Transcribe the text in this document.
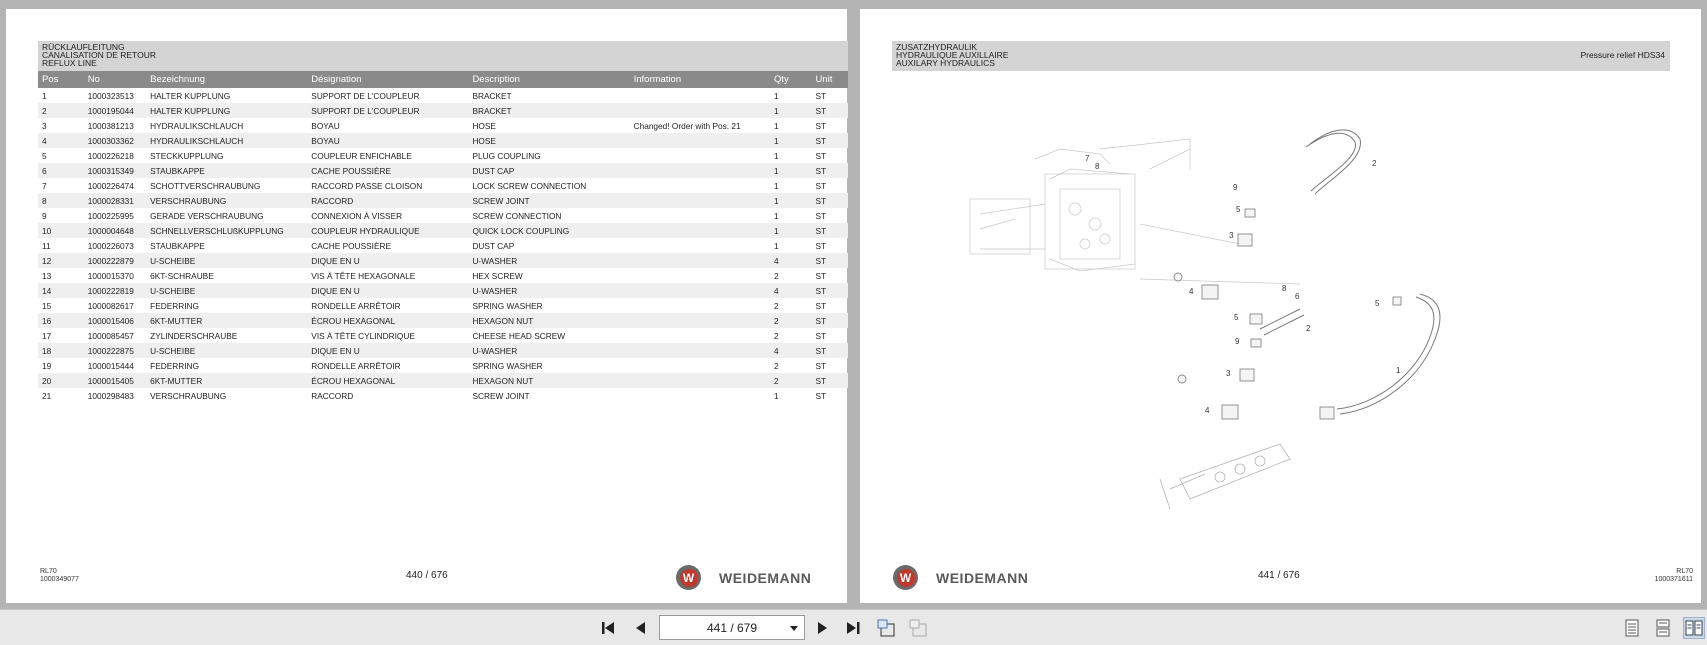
RÜCKLAUFLEITUNG
CANALISATION DE RETOUR
REFLUX LINE
Pos	No	Bezeichnung	Désignation	Description	Information	Qty	Unit
1	1000323513	HALTER KUPPLUNG	SUPPORT DE L'COUPLEUR	BRACKET		1	ST
2	1000195044	HALTER KUPPLUNG	SUPPORT DE L'COUPLEUR	BRACKET		1	ST
3	1000381213	HYDRAULIKSCHLAUCH	BOYAU	HOSE	Changed! Order with Pos. 21	1	ST
4	1000303362	HYDRAULIKSCHLAUCH	BOYAU	HOSE		1	ST
5	1000226218	STECKKUPPLUNG	COUPLEUR ENFICHABLE	PLUG COUPLING		1	ST
6	1000315349	STAUBKAPPE	CACHE POUSSIÈRE	DUST CAP		1	ST
7	1000226474	SCHOTTVERSCHRAUBUNG	RACCORD PASSE CLOISON	LOCK SCREW CONNECTION		1	ST
8	1000028331	VERSCHRAUBUNG	RACCORD	SCREW JOINT		1	ST
9	1000225995	GERADE VERSCHRAUBUNG	CONNEXION À VISSER	SCREW CONNECTION		1	ST
10	1000004648	SCHNELLVERSCHLUßKUPPLUNG	COUPLEUR HYDRAULIQUE	QUICK LOCK COUPLING		1	ST
11	1000226073	STAUBKAPPE	CACHE POUSSIÈRE	DUST CAP		1	ST
12	1000222879	U-SCHEIBE	DIQUE EN U	U-WASHER		4	ST
13	1000015370	6KT-SCHRAUBE	VIS À TÊTE HEXAGONALE	HEX SCREW		2	ST
14	1000222819	U-SCHEIBE	DIQUE EN U	U-WASHER		4	ST
15	1000082617	FEDERRING	RONDELLE ARRÊTOIR	SPRING WASHER		2	ST
16	1000015406	6KT-MUTTER	ÉCROU HEXAGONAL	HEXAGON NUT		2	ST
17	1000085457	ZYLINDERSCHRAUBE	VIS À TÊTE CYLINDRIQUE	CHEESE HEAD SCREW		2	ST
18	1000222875	U-SCHEIBE	DIQUE EN U	U-WASHER		4	ST
19	1000015444	FEDERRING	RONDELLE ARRÊTOIR	SPRING WASHER		2	ST
20	1000015405	6KT-MUTTER	ÉCROU HEXAGONAL	HEXAGON NUT		2	ST
21	1000298483	VERSCHRAUBUNG	RACCORD	SCREW JOINT		1	ST
RL70
1000349077	440 / 676	W WEIDEMANN
ZUSATZHYDRAULIK
HYDRAULIQUE AUXILLAIRE
AUXILARY HYDRAULICS
Pressure relief HDS34
7
8
9
2
5
3
4	8
6
5
5
9
2
3	1
4
W WEIDEMANN	441 / 676	RL70
1000371611
441 / 679
